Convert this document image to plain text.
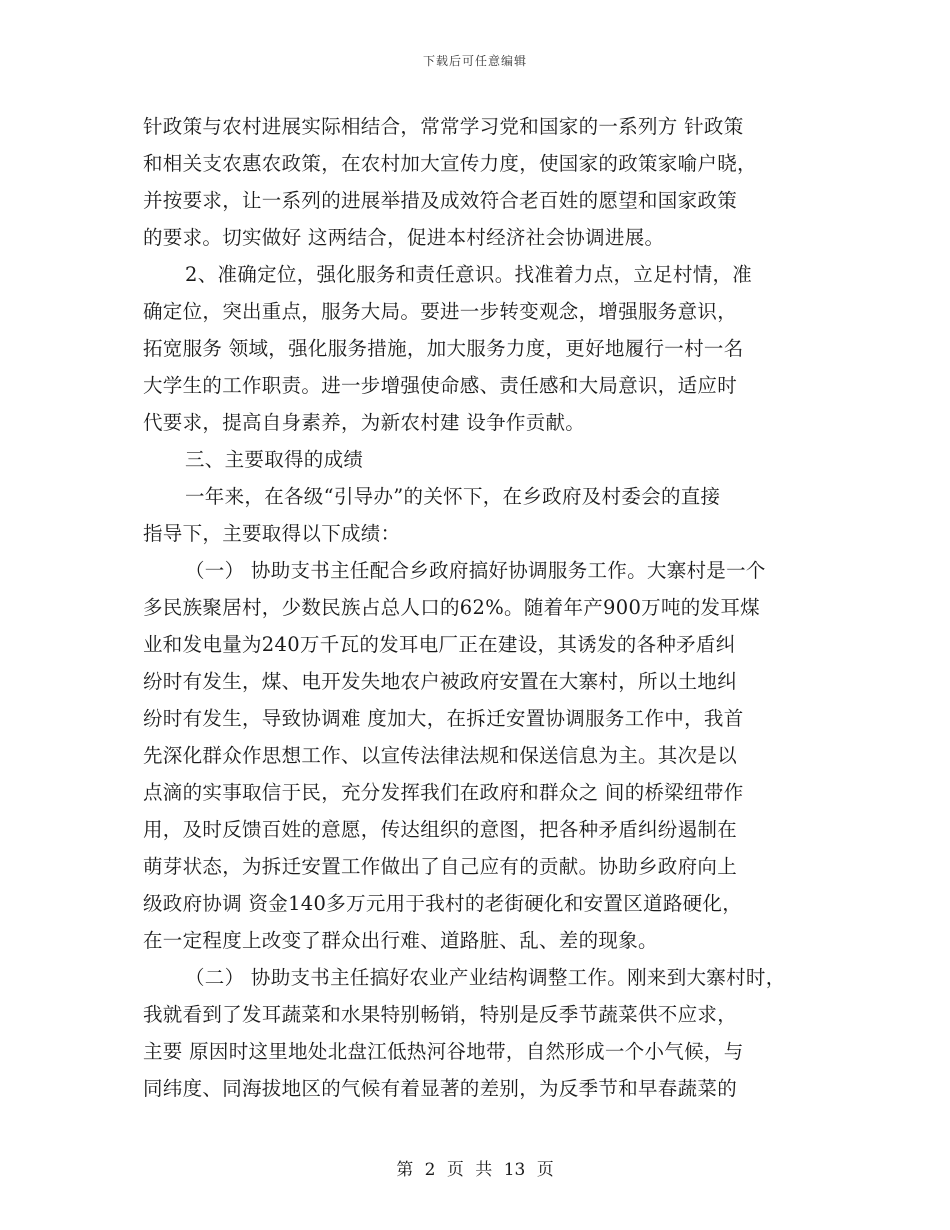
下载后可任意编辑
针政策与农村进展实际相结合，常常学习党和国家的一系列方 针政策
和相关支农惠农政策，在农村加大宣传力度，使国家的政策家喻户晓，
并按要求，让一系列的进展举措及成效符合老百姓的愿望和国家政策
的要求。切实做好 这两结合，促进本村经济社会协调进展。
2、准确定位，强化服务和责任意识。找准着力点，立足村情，准
确定位，突出重点，服务大局。要进一步转变观念，增强服务意识，
拓宽服务 领域，强化服务措施，加大服务力度，更好地履行一村一名
大学生的工作职责。进一步增强使命感、责任感和大局意识，适应时
代要求，提高自身素养，为新农村建 设争作贡献。
三、主要取得的成绩
一年来，在各级“引导办”的关怀下，在乡政府及村委会的直接
指导下，主要取得以下成绩：
（一） 协助支书主任配合乡政府搞好协调服务工作。大寨村是一个
多民族聚居村，少数民族占总人口的62%。随着年产900万吨的发耳煤
业和发电量为240万千瓦的发耳电厂正在建设，其诱发的各种矛盾纠
纷时有发生，煤、电开发失地农户被政府安置在大寨村，所以土地纠
纷时有发生，导致协调难 度加大，在拆迁安置协调服务工作中，我首
先深化群众作思想工作、以宣传法律法规和保送信息为主。其次是以
点滴的实事取信于民，充分发挥我们在政府和群众之 间的桥梁纽带作
用，及时反馈百姓的意愿，传达组织的意图，把各种矛盾纠纷遏制在
萌芽状态，为拆迁安置工作做出了自己应有的贡献。协助乡政府向上
级政府协调 资金140多万元用于我村的老街硬化和安置区道路硬化，
在一定程度上改变了群众出行难、道路脏、乱、差的现象。
（二） 协助支书主任搞好农业产业结构调整工作。刚来到大寨村时，
我就看到了发耳蔬菜和水果特别畅销，特别是反季节蔬菜供不应求，
主要 原因时这里地处北盘江低热河谷地带，自然形成一个小气候，与
同纬度、同海拔地区的气候有着显著的差别，为反季节和早春蔬菜的
第 2 页 共 13 页
